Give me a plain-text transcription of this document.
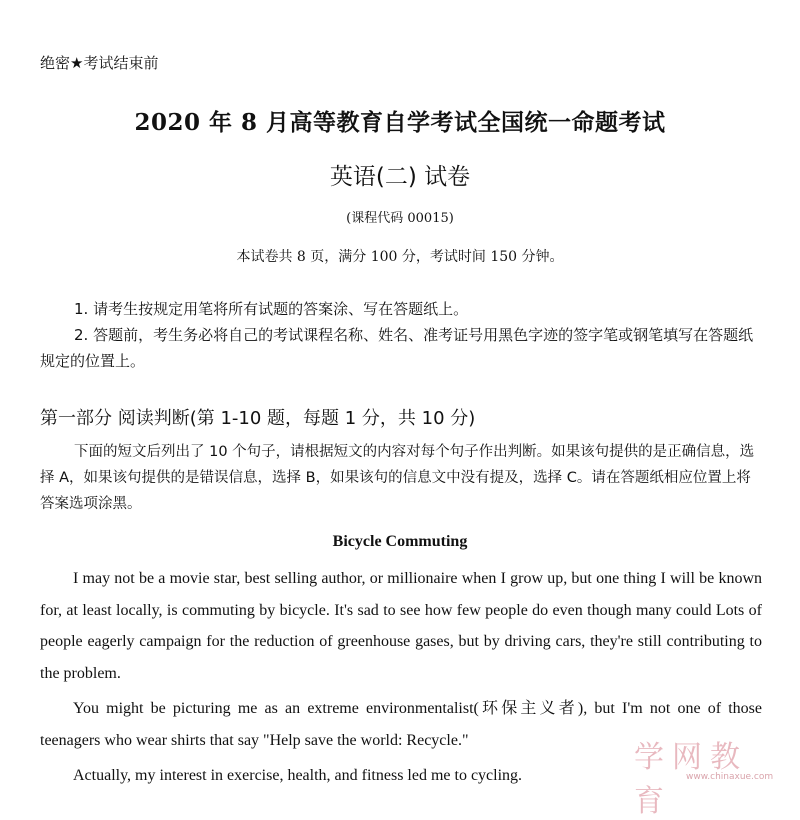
绝密★考试结束前
2020 年 8 月高等教育自学考试全国统一命题考试
英语(二) 试卷
(课程代码 00015)
本试卷共 8 页，满分 100 分，考试时间 150 分钟。

1. 请考生按规定用笔将所有试题的答案涂、写在答题纸上。

2. 答题前，考生务必将自己的考试课程名称、姓名、准考证号用黑色字迹的签字笔或钢笔填写在答题纸规定的位置上。

第一部分 阅读判断(第 1-10 题，每题 1 分，共 10 分)

下面的短文后列出了 10 个句子，请根据短文的内容对每个句子作出判断。如果该句提供的是正确信息，选择 A，如果该句提供的是错误信息，选择 B，如果该句的信息文中没有提及，选择 C。请在答题纸相应位置上将答案选项涂黑。

Bicycle Commuting

I may not be a movie star, best selling author, or millionaire when I grow up, but one thing I will be known for, at least locally, is commuting by bicycle. It's sad to see how few people do even though many could Lots of people eagerly campaign for the reduction of greenhouse gases, but by driving cars, they're still contributing to the problem.

You might be picturing me as an extreme environmentalist(环保主义者), but I'm not one of those teenagers who wear shirts that say "Help save the world: Recycle."

Actually, my interest in exercise, health, and fitness led me to cycling.

学网教育
www.chinaxue.com
